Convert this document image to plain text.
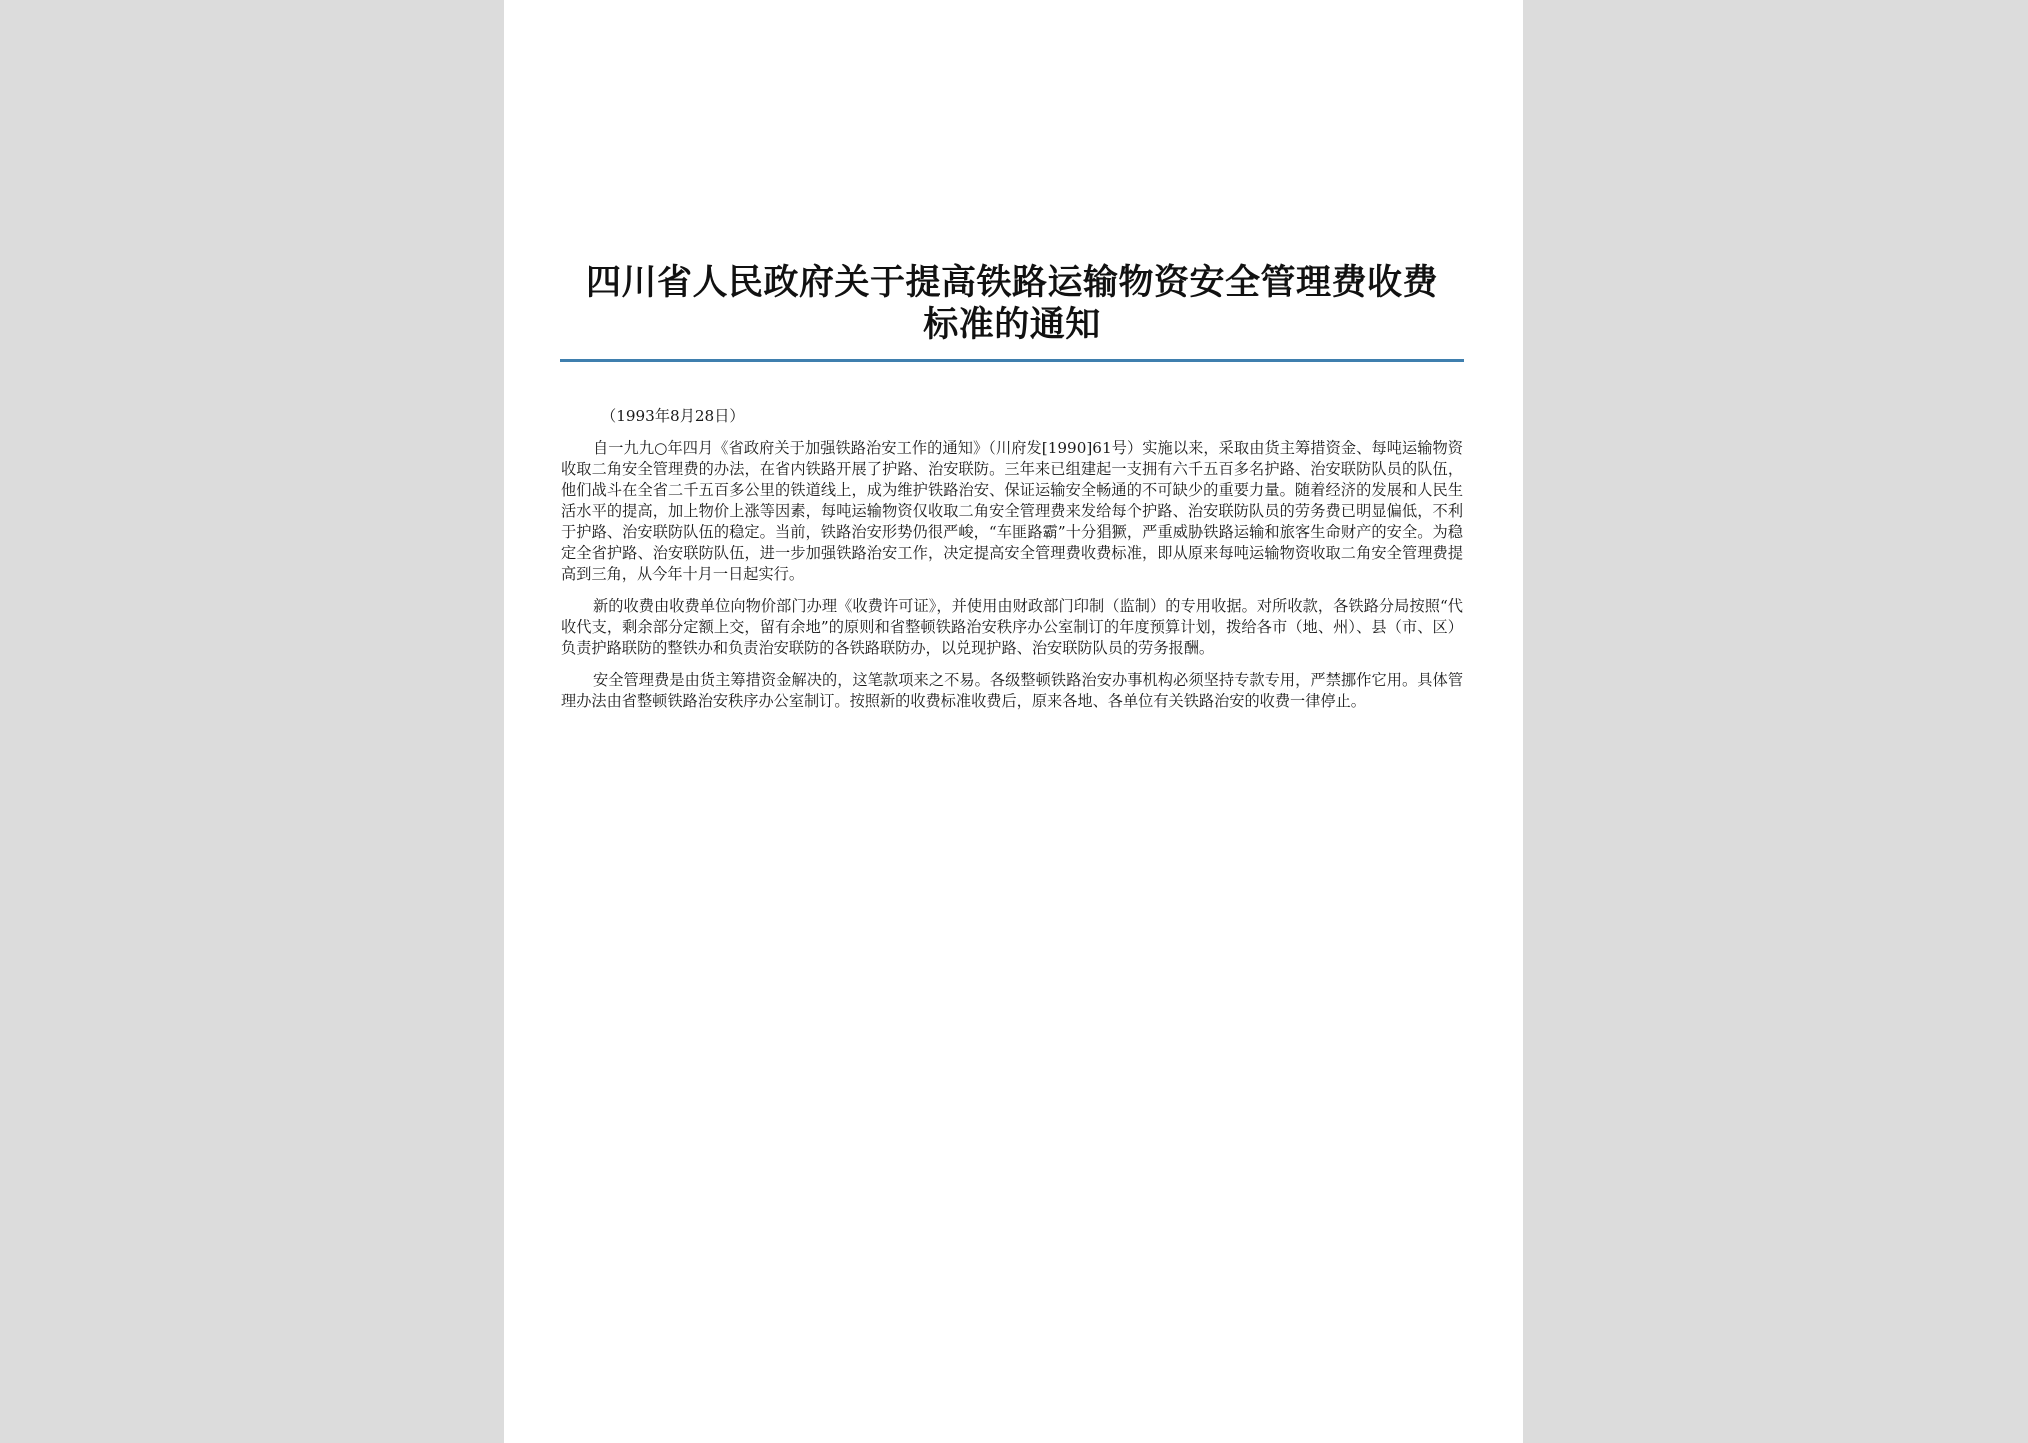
四川省人民政府关于提高铁路运输物资安全管理费收费
标准的通知

（1993年8月28日）

自一九九○年四月《省政府关于加强铁路治安工作的通知》（川府发[1990]61号）实施以来，采取由货主筹措资金、每吨运输物资收取二角安全管理费的办法，在省内铁路开展了护路、治安联防。三年来已组建起一支拥有六千五百多名护路、治安联防队员的队伍，他们战斗在全省二千五百多公里的铁道线上，成为维护铁路治安、保证运输安全畅通的不可缺少的重要力量。随着经济的发展和人民生活水平的提高，加上物价上涨等因素，每吨运输物资仅收取二角安全管理费来发给每个护路、治安联防队员的劳务费已明显偏低，不利于护路、治安联防队伍的稳定。当前，铁路治安形势仍很严峻，“车匪路霸”十分猖獗，严重威胁铁路运输和旅客生命财产的安全。为稳定全省护路、治安联防队伍，进一步加强铁路治安工作，决定提高安全管理费收费标准，即从原来每吨运输物资收取二角安全管理费提高到三角，从今年十月一日起实行。

新的收费由收费单位向物价部门办理《收费许可证》，并使用由财政部门印制（监制）的专用收据。对所收款，各铁路分局按照“代收代支，剩余部分定额上交，留有余地”的原则和省整顿铁路治安秩序办公室制订的年度预算计划，拨给各市（地、州）、县（市、区）负责护路联防的整铁办和负责治安联防的各铁路联防办，以兑现护路、治安联防队员的劳务报酬。

安全管理费是由货主筹措资金解决的，这笔款项来之不易。各级整顿铁路治安办事机构必须坚持专款专用，严禁挪作它用。具体管理办法由省整顿铁路治安秩序办公室制订。按照新的收费标准收费后，原来各地、各单位有关铁路治安的收费一律停止。
